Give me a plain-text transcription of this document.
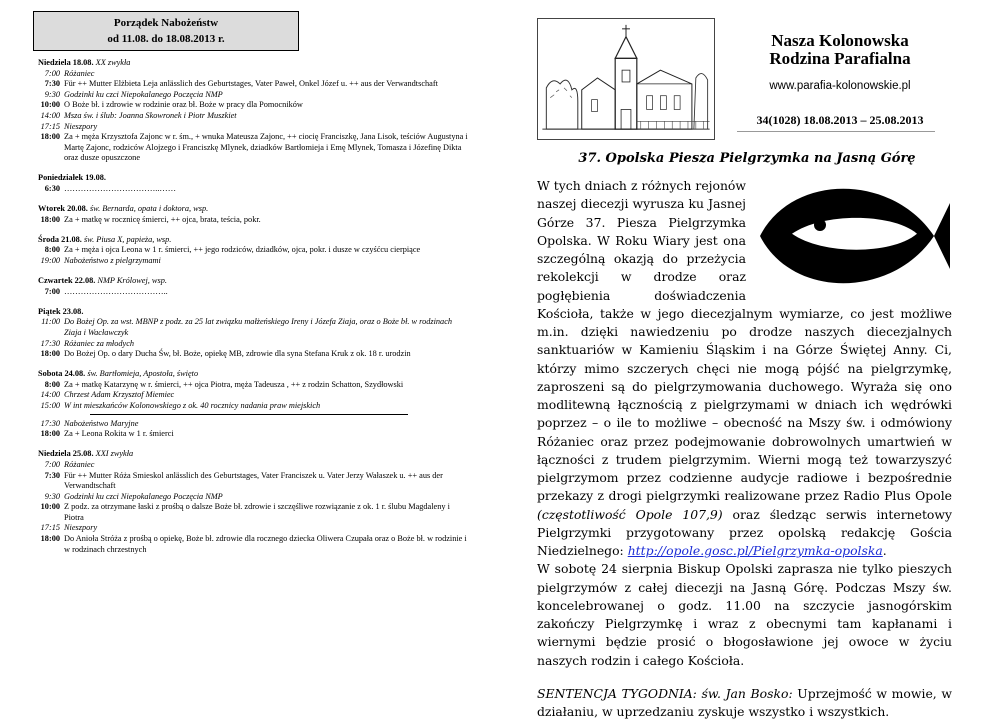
Porządek Nabożeństw
od 11.08. do 18.08.2013 r.
Niedziela 18.08. XX zwykła
7:00 Różaniec
7:30 Für ++ Mutter Elżbieta Leja anlässlich des Geburtstages, Vater Paweł, Onkel Józef u. ++ aus der Verwandtschaft
9:30 Godzinki ku czci Niepokalanego Poczęcia NMP
10:00 O Boże bł. i zdrowie w rodzinie oraz bł. Boże w pracy dla Pomocników
14:00 Msza św. i ślub: Joanna Skowronek i Piotr Muszkiet
17:15 Nieszpory
18:00 Za + męża Krzysztofa Zajonc w r. śm., + wnuka Mateusza Zajonc, ++ ciocię Franciszkę, Jana Lisok, teściów Augustyna i Martę Zajonc, rodziców Alojzego i Franciszkę Mlynek, dziadków Bartłomieja i Emę Mlynek, Tomasza i Józefinę Dikta oraz dusze opuszczone
Poniedziałek 19.08.
6:30 ……………………………..……
Wtorek 20.08. św. Bernarda, opata i doktora, wsp.
18:00 Za + matkę w rocznicę śmierci, ++ ojca, brata, teścia, pokr.
Środa 21.08. św. Piusa X, papieża, wsp.
8:00 Za + męża i ojca Leona w 1 r. śmierci, ++ jego rodziców, dziadków, ojca, pokr. i dusze w czyśćcu cierpiące
19:00 Nabożeństwo z pielgrzymami
Czwartek 22.08. NMP Królowej, wsp.
7:00 ………………………………..
Piątek 23.08.
11:00 Do Bożej Op. za wst. MBNP z podz. za 25 lat związku małżeńskiego Ireny i Józefa Ziaja, oraz o Boże bł. w rodzinach Ziaja i Wacławczyk
17:30 Różaniec za młodych
18:00 Do Bożej Op. o dary Ducha Św, bł. Boże, opiekę MB, zdrowie dla syna Stefana Kruk z ok. 18 r. urodzin
Sobota 24.08. św. Bartłomieja, Apostoła, święto
8:00 Za + matkę Katarzynę w r. śmierci, ++ ojca Piotra, męża Tadeusza , ++ z rodzin Schatton, Szydłowski
14:00 Chrzest Adam Krzysztof Miemiec
15:00 W int mieszkańców Kolonowskiego z ok. 40 rocznicy nadania praw miejskich
17:30 Nabożeństwo Maryjne
18:00 Za + Leona Rokita w 1 r. śmierci
Niedziela 25.08. XXI zwykła
7:00 Różaniec
7:30 Für ++ Mutter Róża Smieskol anlässlich des Geburtstages, Vater Franciszek u. Vater Jerzy Wałaszek u. ++ aus der Verwandtschaft
9:30 Godzinki ku czci Niepokalanego Poczęcia NMP
10:00 Z podz. za otrzymane łaski z prośbą o dalsze Boże bł. zdrowie i szczęśliwe rozwiązanie z ok. 1 r. ślubu Magdaleny i Piotra
17:15 Nieszpory
18:00 Do Anioła Stróża z prośbą o opiekę, Boże bł. zdrowie dla rocznego dziecka Oliwera Czupała oraz o Boże bł. w rodzinie i w rodzinach chrzestnych
Nasza Kolonowska
Rodzina Parafialna
www.parafia-kolonowskie.pl
34(1028) 18.08.2013 – 25.08.2013
37. Opolska Piesza Pielgrzymka na Jasną Górę

W tych dniach z różnych rejonów naszej diecezji wyrusza ku Jasnej Górze 37. Piesza Pielgrzymka Opolska. W Roku Wiary jest ona szczególną okazją do przeżycia rekolekcji w drodze oraz pogłębienia doświadczenia Kościoła, także w jego diecezjalnym wymiarze, co jest możliwe m.in. dzięki nawiedzeniu po drodze naszych diecezjalnych sanktuariów w Kamieniu Śląskim i na Górze Świętej Anny. Ci, którzy mimo szczerych chęci nie mogą pójść na pielgrzymkę, zaproszeni są do pielgrzymowania duchowego. Wyraża się ono modlitewną łącznością z pielgrzymami w dniach ich wędrówki poprzez – o ile to możliwe – obecność na Mszy św. i odmówiony Różaniec oraz przez podejmowanie dobrowolnych umartwień w łączności z trudem pielgrzymim. Wierni mogą też towarzyszyć pielgrzymom przez codzienne audycje radiowe i bezpośrednie przekazy z drogi pielgrzymki realizowane przez Radio Plus Opole (częstotliwość Opole 107,9) oraz śledząc serwis internetowy Pielgrzymki przygotowany przez opolską redakcję Gościa Niedzielnego: http://opole.gosc.pl/Pielgrzymka-opolska.

W sobotę 24 sierpnia Biskup Opolski zaprasza nie tylko pieszych pielgrzymów z całej diecezji na Jasną Górę. Podczas Mszy św. koncelebrowanej o godz. 11.00 na szczycie jasnogórskim zakończy Pielgrzymkę i wraz z obecnymi tam kapłanami i wiernymi będzie prosić o błogosławione jej owoce w życiu naszych rodzin i całego Kościoła.

SENTENCJA TYGODNIA: św. Jan Bosko: Uprzejmość w mowie, w działaniu, w uprzedzaniu zyskuje wszystko i wszystkich.
